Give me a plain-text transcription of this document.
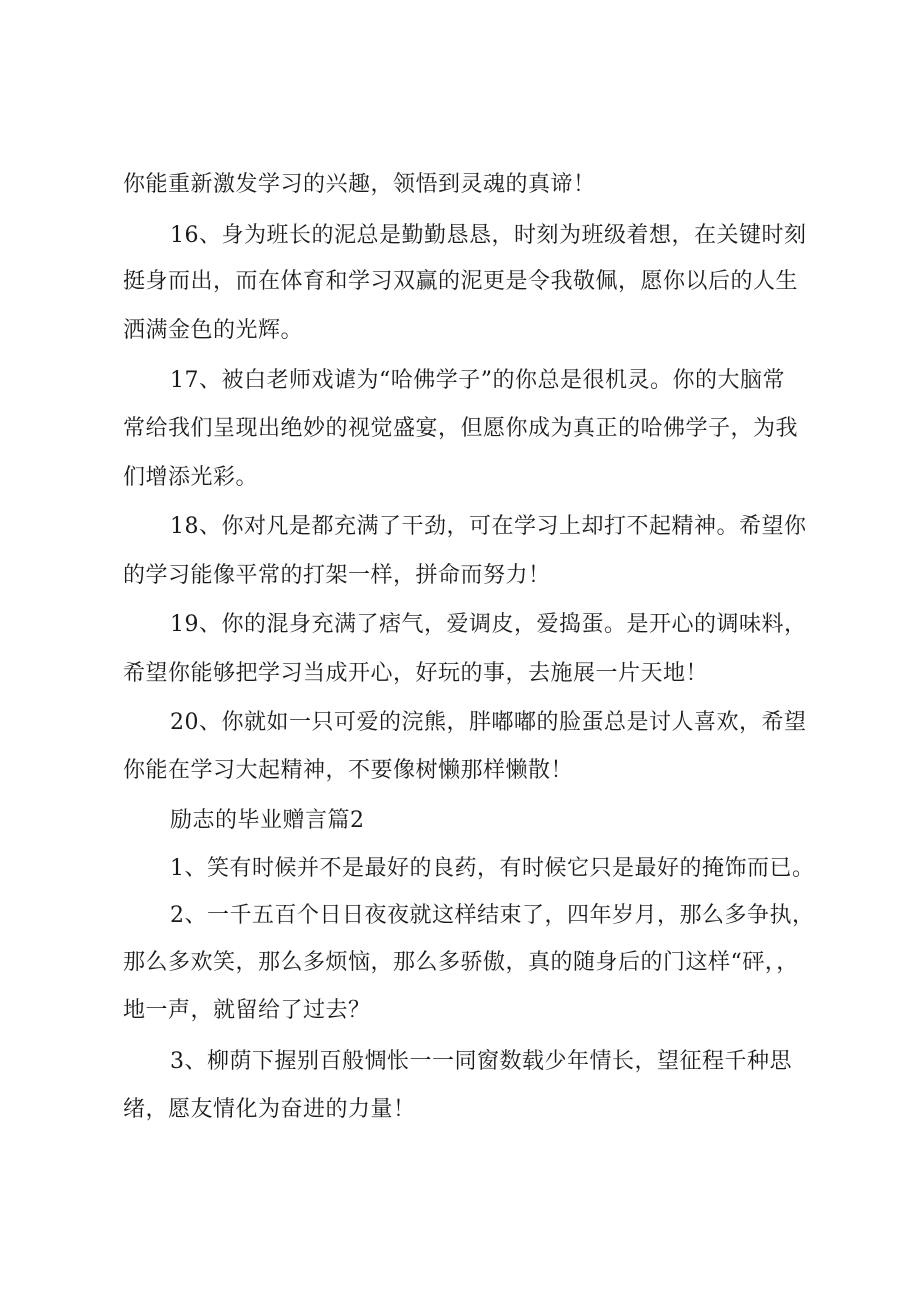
你能重新激发学习的兴趣，领悟到灵魂的真谛！
16、身为班长的泥总是勤勤恳恳，时刻为班级着想，在关键时刻
挺身而出，而在体育和学习双赢的泥更是令我敬佩，愿你以后的人生
洒满金色的光辉。
17、被白老师戏谑为“哈佛学子”的你总是很机灵。你的大脑常
常给我们呈现出绝妙的视觉盛宴，但愿你成为真正的哈佛学子，为我
们增添光彩。
18、你对凡是都充满了干劲，可在学习上却打不起精神。希望你
的学习能像平常的打架一样，拼命而努力！
19、你的混身充满了痞气，爱调皮，爱捣蛋。是开心的调味料，
希望你能够把学习当成开心，好玩的事，去施展一片天地！
20、你就如一只可爱的浣熊，胖嘟嘟的脸蛋总是讨人喜欢，希望
你能在学习大起精神，不要像树懒那样懒散！
励志的毕业赠言篇2
1、笑有时候并不是最好的良药，有时候它只是最好的掩饰而已。
2、一千五百个日日夜夜就这样结束了，四年岁月，那么多争执，
那么多欢笑，那么多烦恼，那么多骄傲，真的随身后的门这样“砰，，
地一声，就留给了过去？
3、柳荫下握别百般惆怅一一同窗数载少年情长，望征程千种思
绪，愿友情化为奋进的力量！
